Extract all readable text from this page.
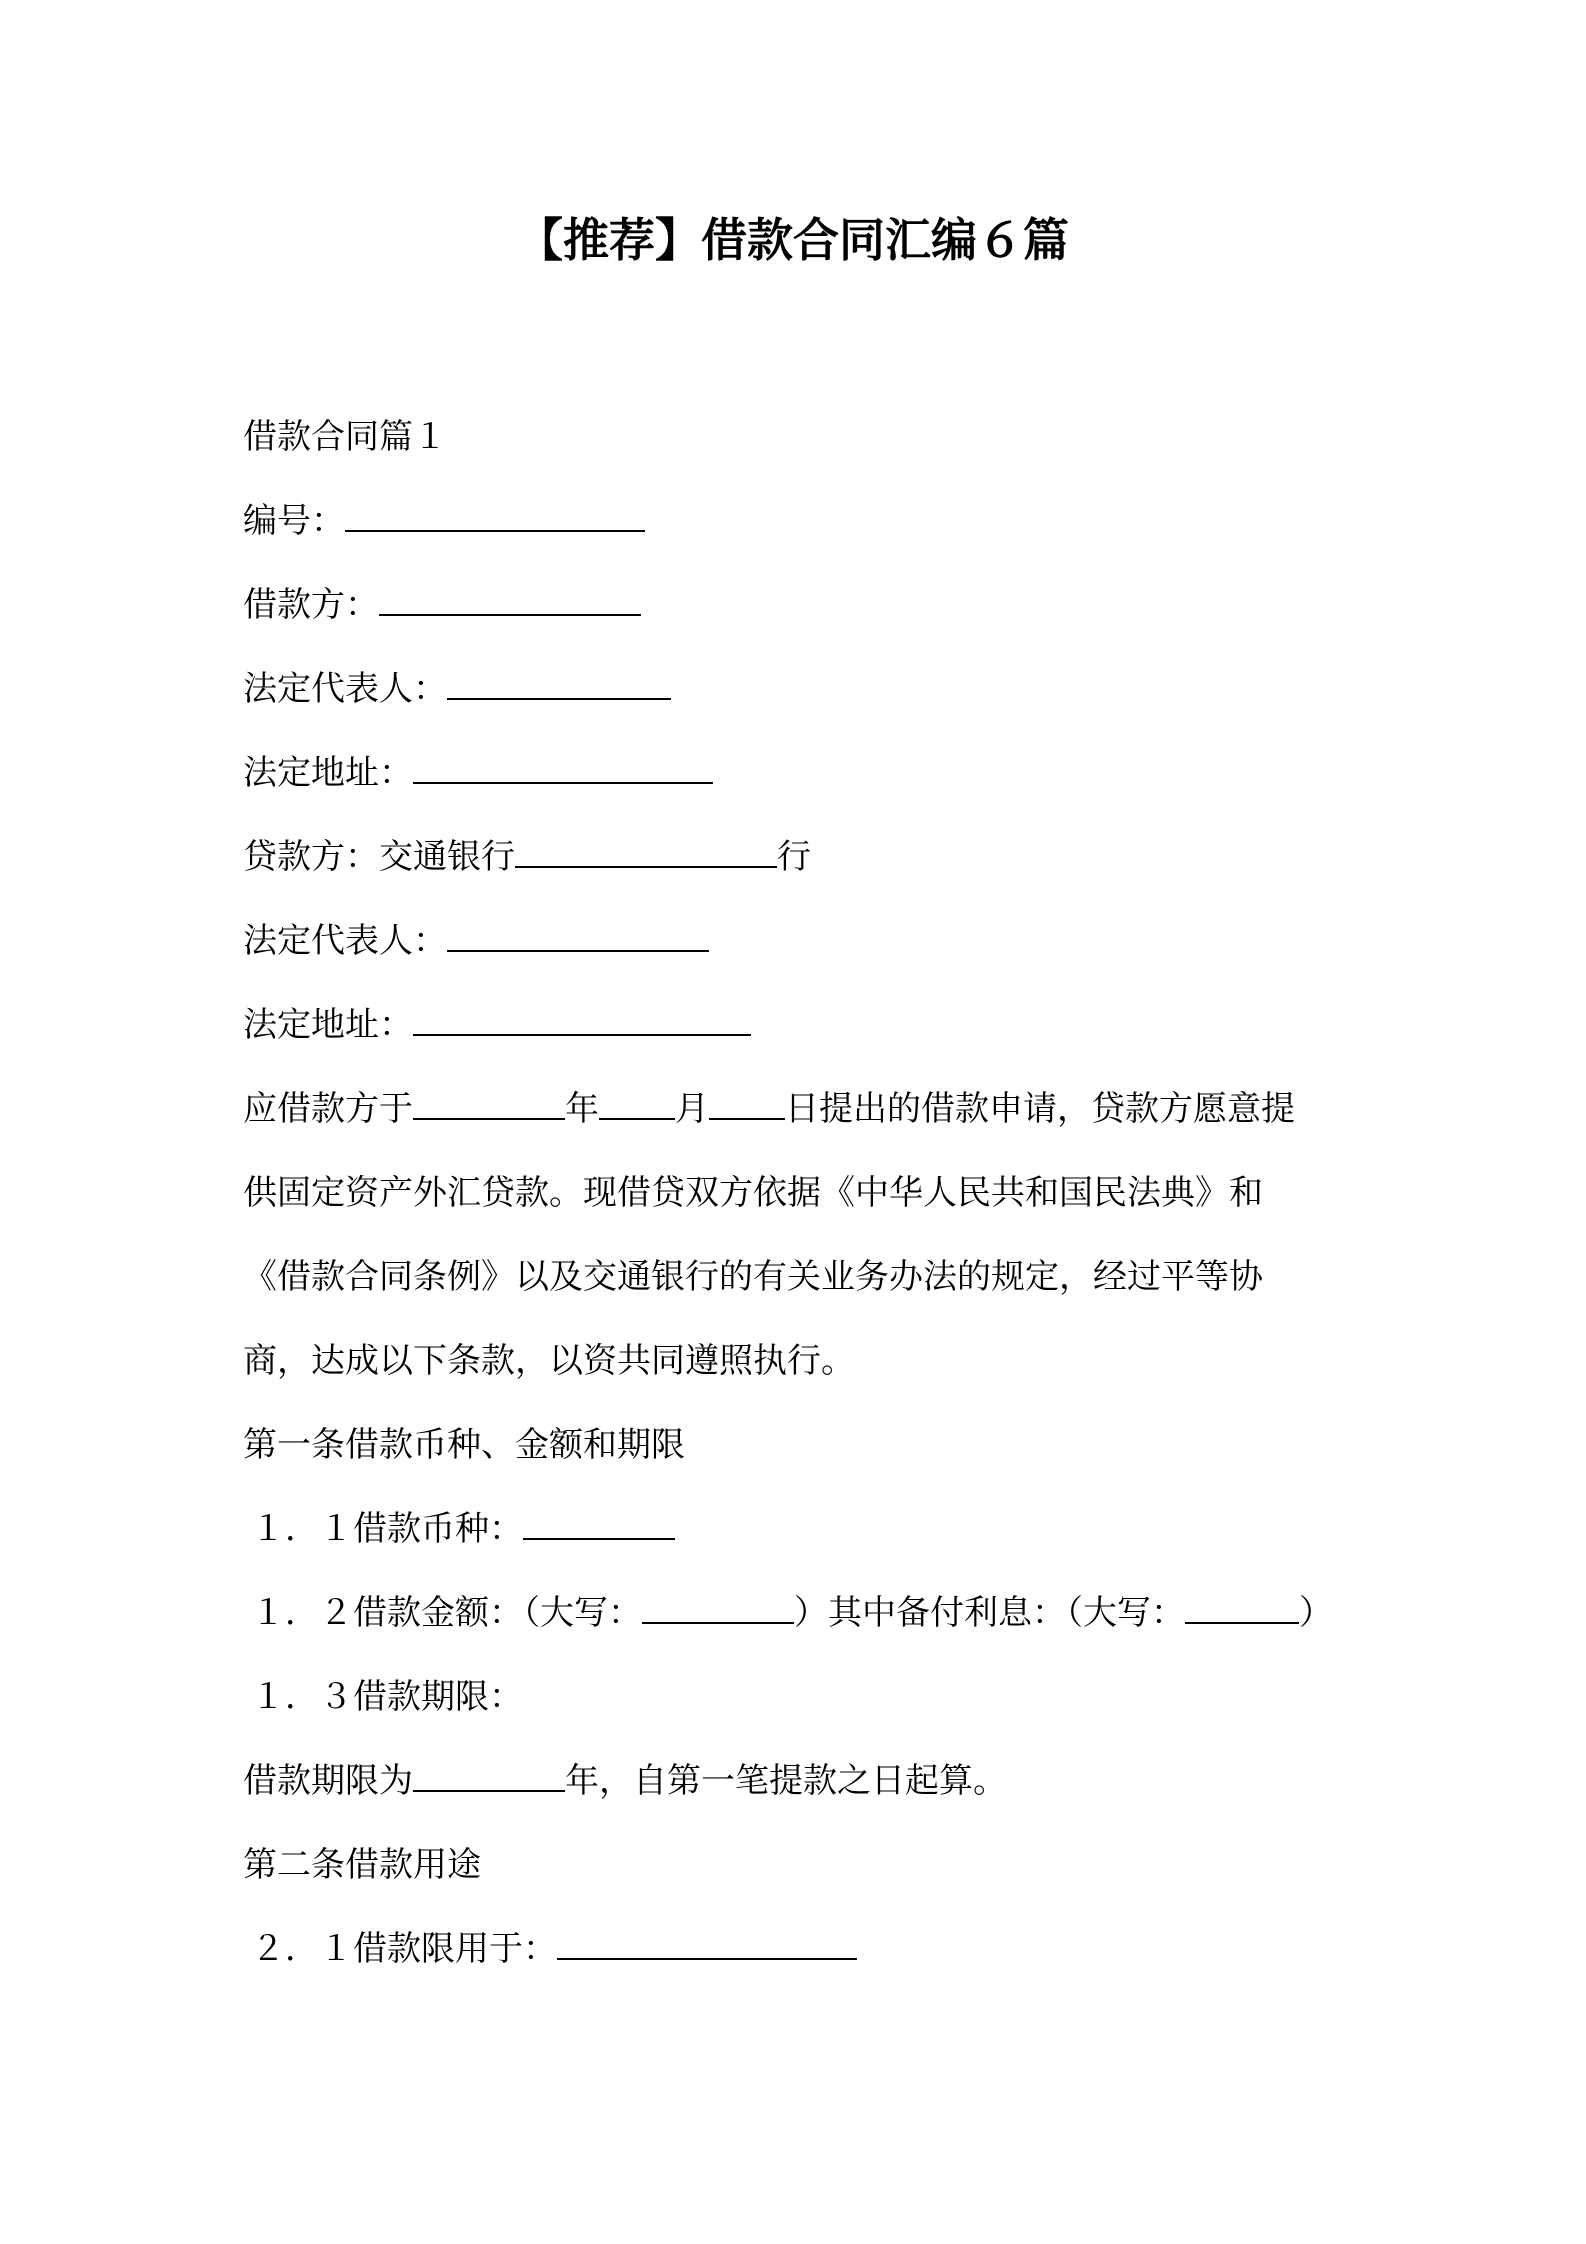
【推荐】借款合同汇编６篇
借款合同篇１
编号：
借款方：
法定代表人：
法定地址：
贷款方：交通银行	行
法定代表人：
法定地址：
应借款方于	年 月 日提出的借款申请，贷款方愿意提
供固定资产外汇贷款。现借贷双方依据《中华人民共和国民法典》和
《借款合同条例》以及交通银行的有关业务办法的规定，经过平等协
商，达成以下条款，以资共同遵照执行。
第一条借款币种、金额和期限
１．１借款币种：
１．２借款金额：（大写：	）其中备付利息：（大写：	）
１．３借款期限：
借款期限为	年，自第一笔提款之日起算。
第二条借款用途
２．１借款限用于：
